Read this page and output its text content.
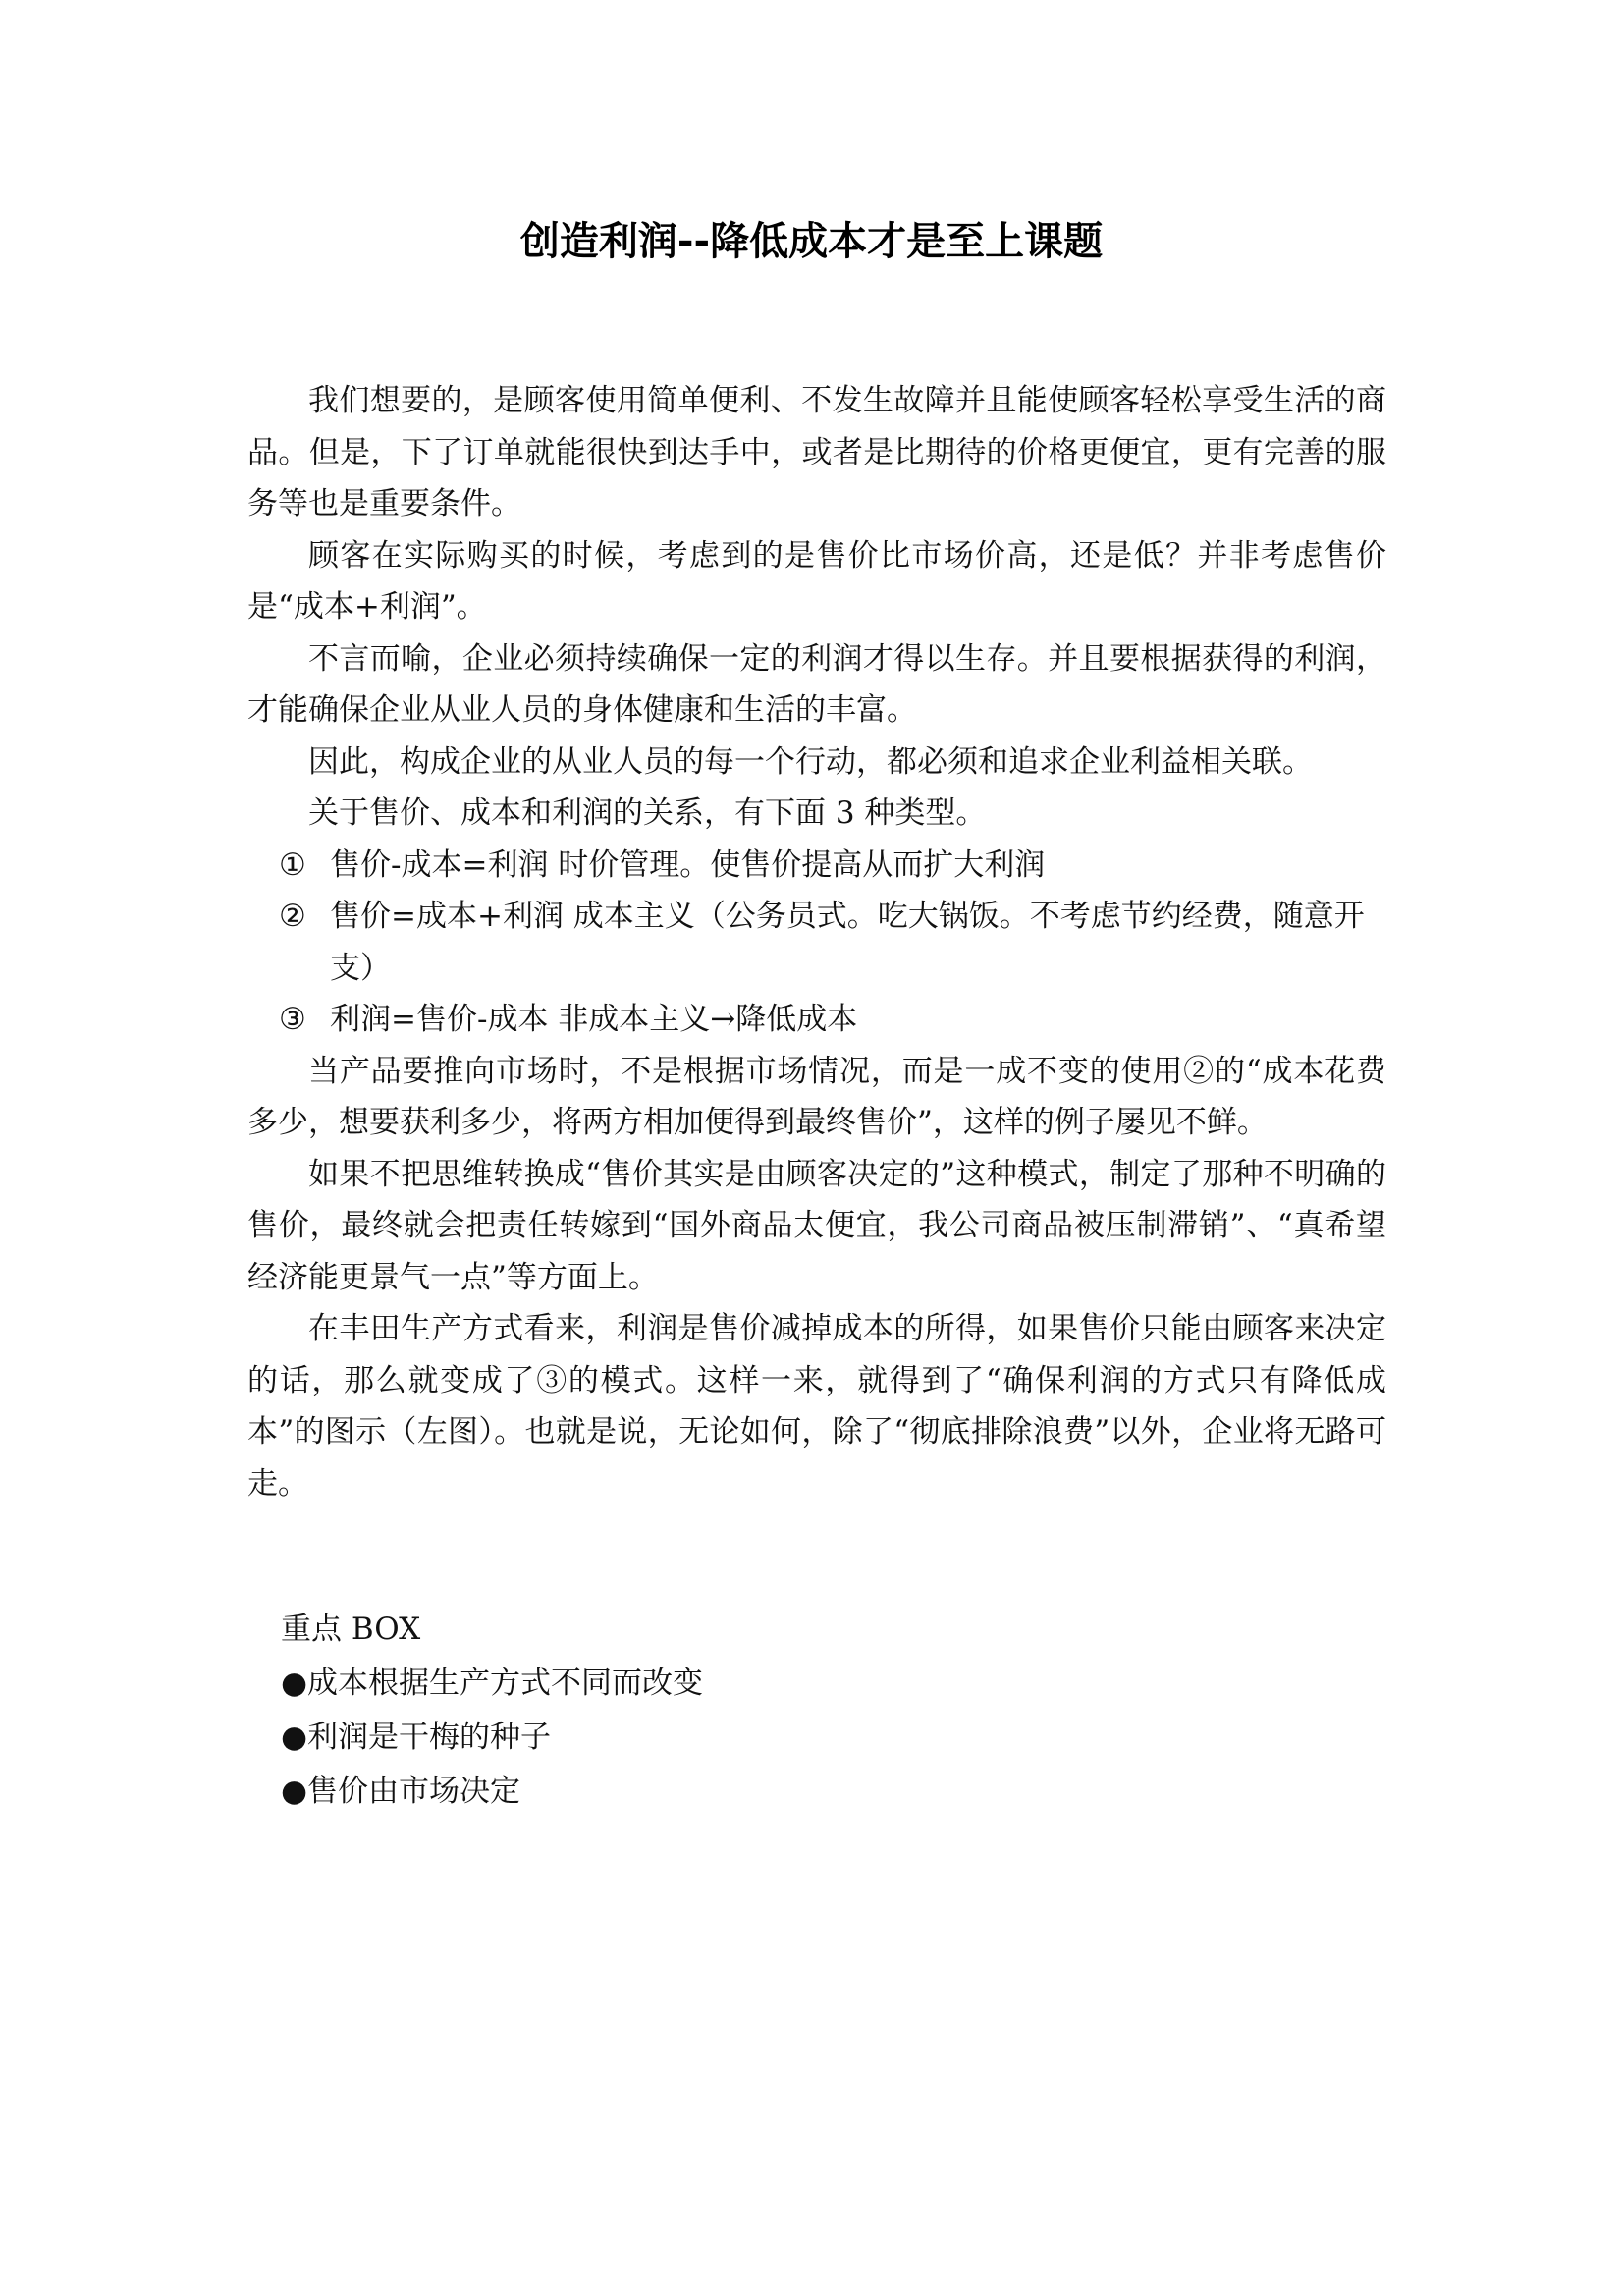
创造利润--降低成本才是至上课题

我们想要的，是顾客使用简单便利、不发生故障并且能使顾客轻松享受生活的商品。但是，下了订单就能很快到达手中，或者是比期待的价格更便宜，更有完善的服务等也是重要条件。

顾客在实际购买的时候，考虑到的是售价比市场价高，还是低？并非考虑售价是“成本+利润”。

不言而喻，企业必须持续确保一定的利润才得以生存。并且要根据获得的利润，才能确保企业从业人员的身体健康和生活的丰富。

因此，构成企业的从业人员的每一个行动，都必须和追求企业利益相关联。

关于售价、成本和利润的关系，有下面 3 种类型。

① 售价-成本=利润 时价管理。使售价提高从而扩大利润
② 售价=成本+利润 成本主义（公务员式。吃大锅饭。不考虑节约经费，随意开支）
③ 利润=售价-成本 非成本主义→降低成本

当产品要推向市场时，不是根据市场情况，而是一成不变的使用②的“成本花费多少，想要获利多少，将两方相加便得到最终售价”，这样的例子屡见不鲜。

如果不把思维转换成“售价其实是由顾客决定的”这种模式，制定了那种不明确的售价，最终就会把责任转嫁到“国外商品太便宜，我公司商品被压制滞销”、“真希望经济能更景气一点”等方面上。

在丰田生产方式看来，利润是售价减掉成本的所得，如果售价只能由顾客来决定的话，那么就变成了③的模式。这样一来，就得到了“确保利润的方式只有降低成本”的图示（左图）。也就是说，无论如何，除了“彻底排除浪费”以外，企业将无路可走。

重点 BOX

●成本根据生产方式不同而改变

●利润是干梅的种子

●售价由市场决定
